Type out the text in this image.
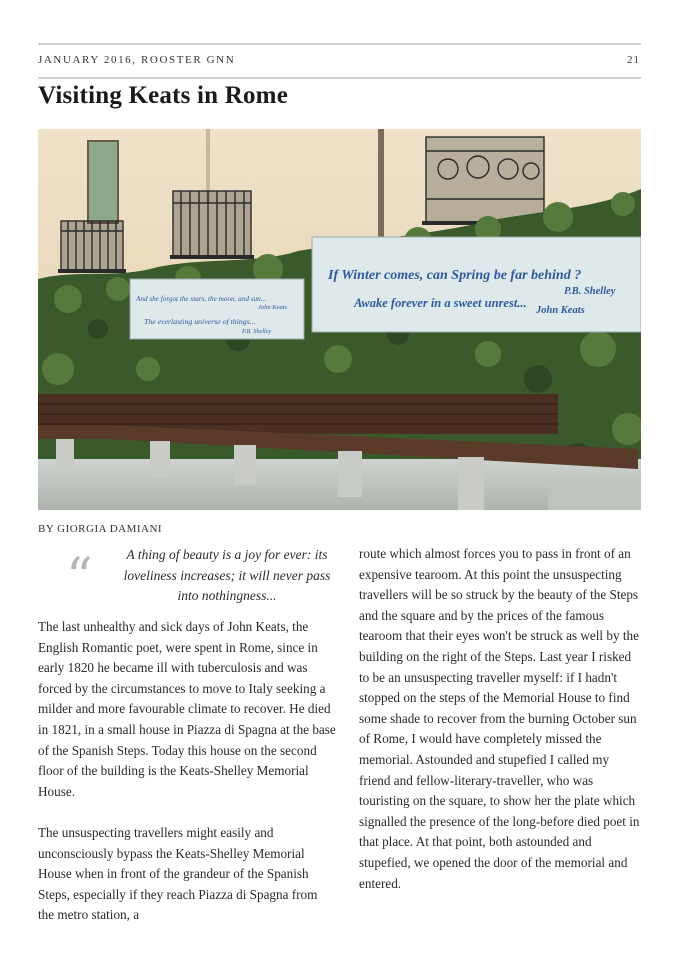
JANUARY 2016, ROOSTER GNN	21
Visiting Keats in Rome
And she forgot the stars, the moon, and sun...
John Keats
The everlasting universe of things...
P.B. Shelley
If Winter comes, can Spring be far behind ?
P.B. Shelley
Awake forever in a sweet unrest...
John Keats
BY GIORGIA DAMIANI
“	A thing of beauty is a joy for ever: its loveliness increases; it will never pass into nothingness...

The last unhealthy and sick days of John Keats, the English Romantic poet, were spent in Rome, since in early 1820 he became ill with tuberculosis and was forced by the circumstances to move to Italy seeking a milder and more favourable climate to recover. He died in 1821, in a small house in Piazza di Spagna at the base of the Spanish Steps. Today this house on the second floor of the building is the Keats-Shelley Memorial House.

The unsuspecting travellers might easily and unconsciously bypass the Keats-Shelley Memorial House when in front of the grandeur of the Spanish Steps, especially if they reach Piazza di Spagna from the metro station, a

route which almost forces you to pass in front of an expensive tearoom. At this point the unsuspecting travellers will be so struck by the beauty of the Steps and the square and by the prices of the famous tearoom that their eyes won't be struck as well by the building on the right of the Steps. Last year I risked to be an unsuspecting traveller myself: if I hadn't stopped on the steps of the Memorial House to find some shade to recover from the burning October sun of Rome, I would have completely missed the memorial. Astounded and stupefied I called my friend and fellow-literary-traveller, who was touristing on the square, to show her the plate which signalled the presence of the long-before died poet in that place. At that point, both astounded and stupefied, we opened the door of the memorial and entered.
